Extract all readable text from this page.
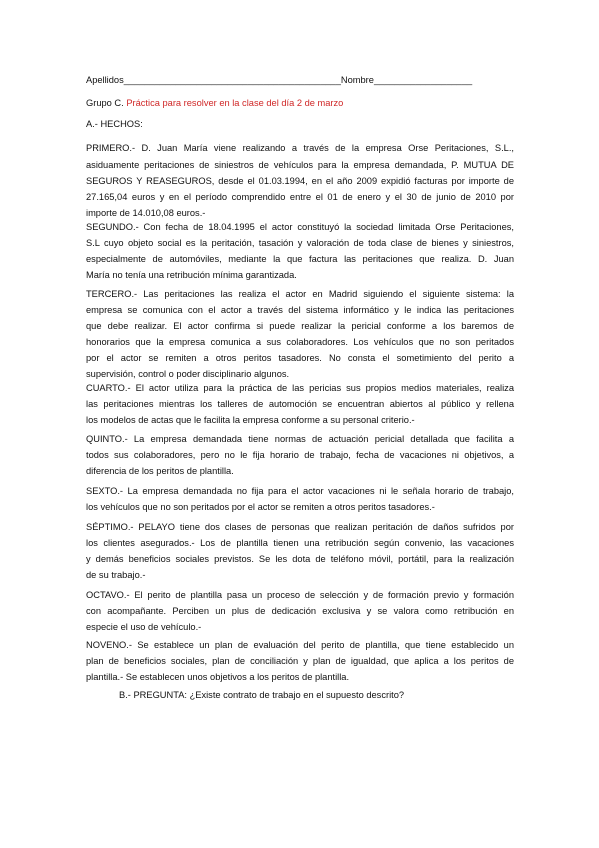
Apellidos__________________________________________Nombre___________________
Grupo C. Práctica para resolver en la clase del día 2 de marzo
A.- HECHOS:
PRIMERO.- D. Juan María viene realizando a través de la empresa Orse Peritaciones, S.L.,
asiduamente peritaciones de siniestros de vehículos para la empresa demandada, P. MUTUA DE
SEGUROS Y REASEGUROS, desde el 01.03.1994, en el año 2009 expidió facturas por importe de
27.165,04 euros y en el período comprendido entre el 01 de enero y el 30 de junio de 2010 por
importe de 14.010,08 euros.-
SEGUNDO.- Con fecha de 18.04.1995 el actor constituyó la sociedad limitada Orse Peritaciones,
S.L cuyo objeto social es la peritación, tasación y valoración de toda clase de bienes y siniestros,
especialmente de automóviles, mediante la que factura las peritaciones que realiza. D. Juan
María no tenía una retribución mínima garantizada.
TERCERO.- Las peritaciones las realiza el actor en Madrid siguiendo el siguiente sistema: la
empresa se comunica con el actor a través del sistema informático y le indica las peritaciones
que debe realizar. El actor confirma si puede realizar la pericial conforme a los baremos de
honorarios que la empresa comunica a sus colaboradores. Los vehículos que no son peritados
por el actor se remiten a otros peritos tasadores. No consta el sometimiento del perito a
supervisión, control o poder disciplinario algunos.
CUARTO.- El actor utiliza para la práctica de las pericias sus propios medios materiales, realiza
las peritaciones mientras los talleres de automoción se encuentran abiertos al público y rellena
los modelos de actas que le facilita la empresa conforme a su personal criterio.-
QUINTO.- La empresa demandada tiene normas de actuación pericial detallada que facilita a
todos sus colaboradores, pero no le fija horario de trabajo, fecha de vacaciones ni objetivos, a
diferencia de los peritos de plantilla.
SEXTO.- La empresa demandada no fija para el actor vacaciones ni le señala horario de trabajo,
los vehículos que no son peritados por el actor se remiten a otros peritos tasadores.-
SÉPTIMO.- PELAYO tiene dos clases de personas que realizan peritación de daños sufridos por
los clientes asegurados.- Los de plantilla tienen una retribución según convenio, las vacaciones
y demás beneficios sociales previstos. Se les dota de teléfono móvil, portátil, para la realización
de su trabajo.-
OCTAVO.- El perito de plantilla pasa un proceso de selección y de formación previo y formación
con acompañante. Perciben un plus de dedicación exclusiva y se valora como retribución en
especie el uso de vehículo.-
NOVENO.- Se establece un plan de evaluación del perito de plantilla, que tiene establecido un
plan de beneficios sociales, plan de conciliación y plan de igualdad, que aplica a los peritos de
plantilla.- Se establecen unos objetivos a los peritos de plantilla.
B.- PREGUNTA: ¿Existe contrato de trabajo en el supuesto descrito?
